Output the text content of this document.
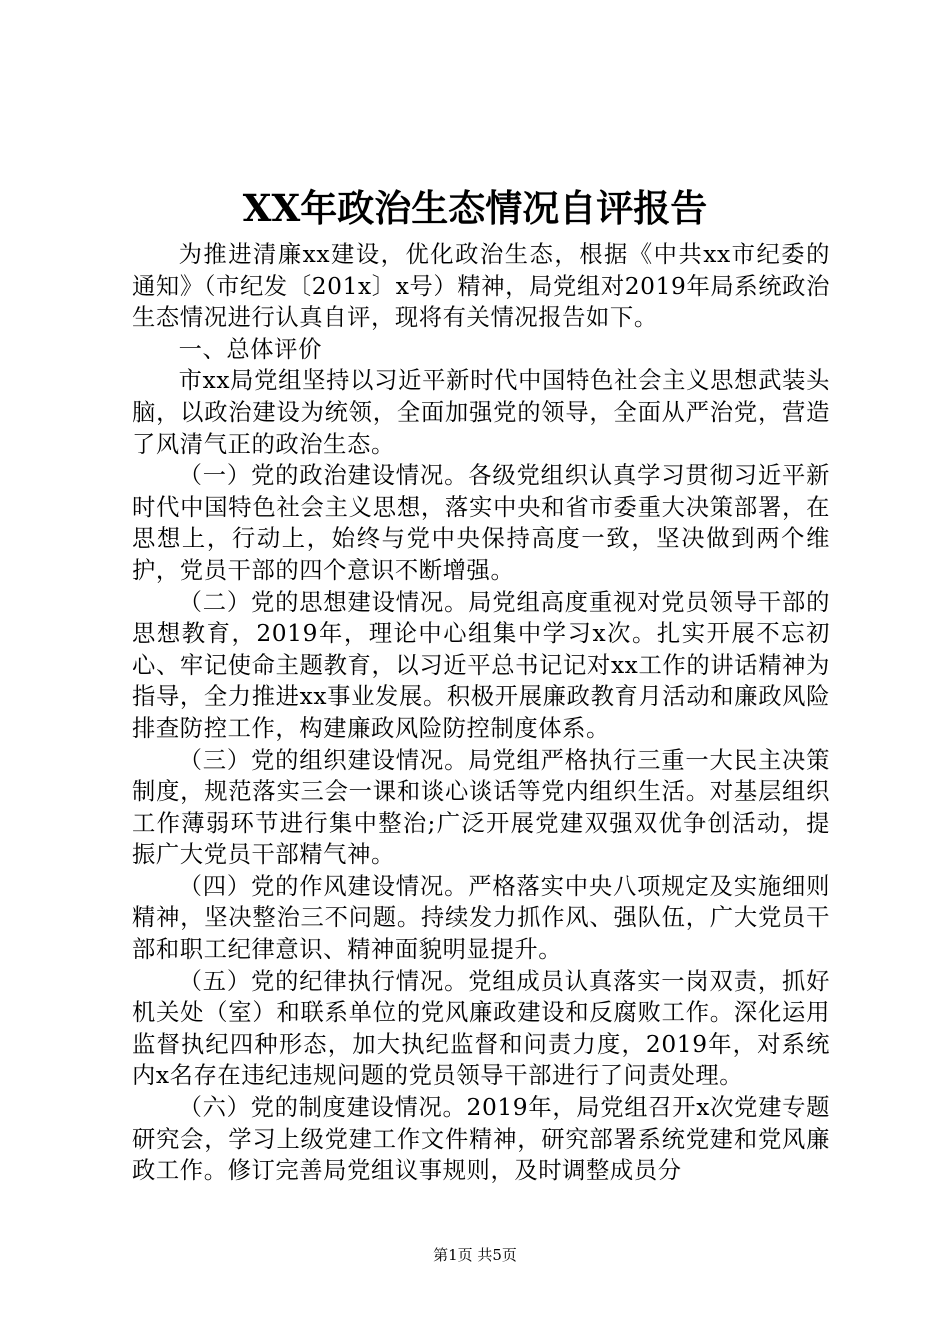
XX年政治生态情况自评报告

为推进清廉xx建设，优化政治生态，根据《中共xx市纪委的通知》（市纪发〔201x〕x号）精神，局党组对2019年局系统政治生态情况进行认真自评，现将有关情况报告如下。

一、总体评价

市xx局党组坚持以习近平新时代中国特色社会主义思想武装头脑，以政治建设为统领，全面加强党的领导，全面从严治党，营造了风清气正的政治生态。

（一）党的政治建设情况。各级党组织认真学习贯彻习近平新时代中国特色社会主义思想，落实中央和省市委重大决策部署，在思想上，行动上，始终与党中央保持高度一致，坚决做到两个维护，党员干部的四个意识不断增强。

（二）党的思想建设情况。局党组高度重视对党员领导干部的思想教育，2019年，理论中心组集中学习x次。扎实开展不忘初心、牢记使命主题教育，以习近平总书记记对xx工作的讲话精神为指导，全力推进xx事业发展。积极开展廉政教育月活动和廉政风险排查防控工作，构建廉政风险防控制度体系。

（三）党的组织建设情况。局党组严格执行三重一大民主决策制度，规范落实三会一课和谈心谈话等党内组织生活。对基层组织工作薄弱环节进行集中整治;广泛开展党建双强双优争创活动，提振广大党员干部精气神。

（四）党的作风建设情况。严格落实中央八项规定及实施细则精神，坚决整治三不问题。持续发力抓作风、强队伍，广大党员干部和职工纪律意识、精神面貌明显提升。

（五）党的纪律执行情况。党组成员认真落实一岗双责，抓好机关处（室）和联系单位的党风廉政建设和反腐败工作。深化运用监督执纪四种形态，加大执纪监督和问责力度，2019年，对系统内x名存在违纪违规问题的党员领导干部进行了问责处理。

（六）党的制度建设情况。2019年，局党组召开x次党建专题研究会，学习上级党建工作文件精神，研究部署系统党建和党风廉政工作。修订完善局党组议事规则，及时调整成员分

第1页 共5页
